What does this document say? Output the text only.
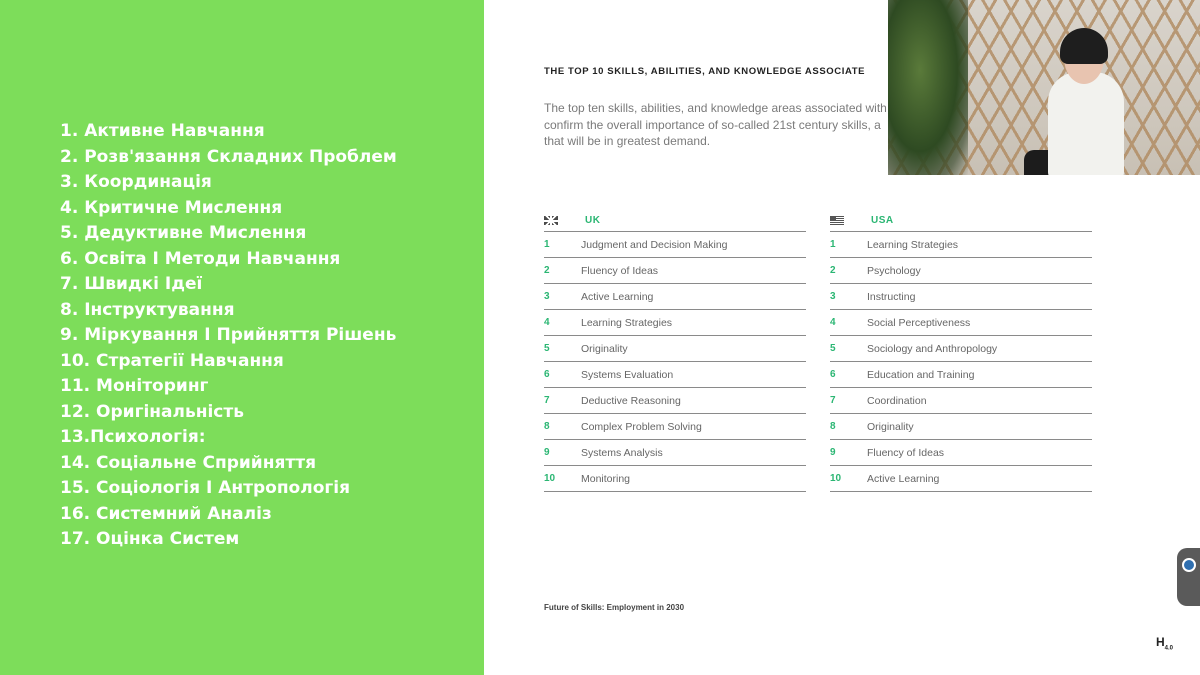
1. Активне Навчання
2. Розв'язання Складних Проблем
3. Координація
4. Критичне Мислення
5. Дедуктивне Мислення
6. Освіта І Методи Навчання
7. Швидкі Ідеї
8. Інструктування
9. Міркування І Прийняття Рішень
10. Стратегії Навчання
11. Моніторинг
12. Оригінальність
13.Психологія:
14. Соціальне Сприйняття
15. Соціологія І Антропологія
16. Системний Аналіз
17. Оцінка Систем
THE TOP 10 SKILLS, ABILITIES, AND KNOWLEDGE ASSOCIATE

The top ten skills, abilities, and knowledge areas associated with confirm the overall importance of so-called 21st century skills, a that will be in greatest demand.

UK
1	Judgment and Decision Making
2	Fluency of Ideas
3	Active Learning
4	Learning Strategies
5	Originality
6	Systems Evaluation
7	Deductive Reasoning
8	Complex Problem Solving
9	Systems Analysis
10	Monitoring
USA
1	Learning Strategies
2	Psychology
3	Instructing
4	Social Perceptiveness
5	Sociology and Anthropology
6	Education and Training
7	Coordination
8	Originality
9	Fluency of Ideas
10	Active Learning
Future of Skills: Employment in 2030
$H_{4.0}$
